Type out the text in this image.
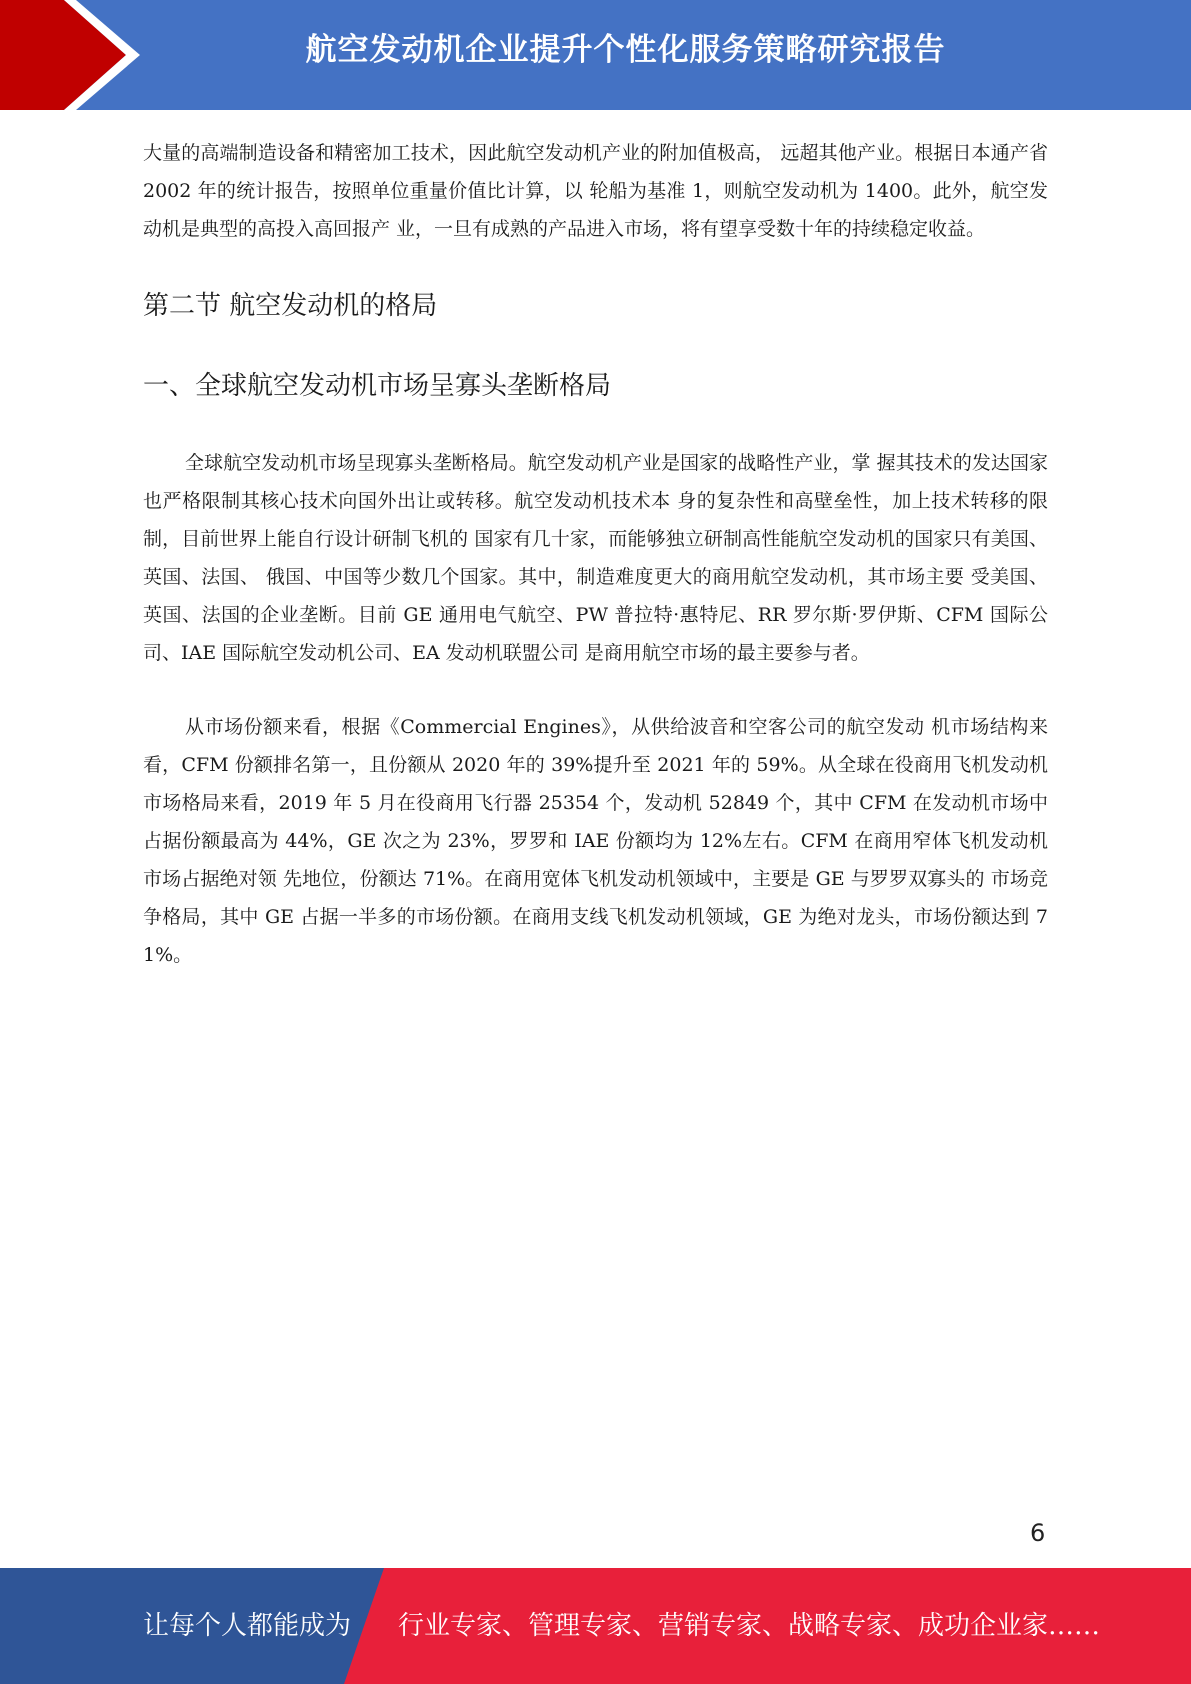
航空发动机企业提升个性化服务策略研究报告

大量的高端制造设备和精密加工技术，因此航空发动机产业的附加值极高， 远超其他产业。根据日本通产省 2002 年的统计报告，按照单位重量价值比计算，以 轮船为基准 1，则航空发动机为 1400。此外，航空发动机是典型的高投入高回报产 业，一旦有成熟的产品进入市场，将有望享受数十年的持续稳定收益。

第二节 航空发动机的格局
一、全球航空发动机市场呈寡头垄断格局

全球航空发动机市场呈现寡头垄断格局。航空发动机产业是国家的战略性产业，掌 握其技术的发达国家也严格限制其核心技术向国外出让或转移。航空发动机技术本 身的复杂性和高壁垒性，加上技术转移的限制，目前世界上能自行设计研制飞机的 国家有几十家，而能够独立研制高性能航空发动机的国家只有美国、英国、法国、 俄国、中国等少数几个国家。其中，制造难度更大的商用航空发动机，其市场主要 受美国、英国、法国的企业垄断。目前 GE 通用电气航空、PW 普拉特·惠特尼、RR 罗尔斯·罗伊斯、CFM 国际公司、IAE 国际航空发动机公司、EA 发动机联盟公司 是商用航空市场的最主要参与者。

从市场份额来看，根据《Commercial Engines》，从供给波音和空客公司的航空发动 机市场结构来看，CFM 份额排名第一，且份额从 2020 年的 39%提升至 2021 年的 59%。从全球在役商用飞机发动机市场格局来看，2019 年 5 月在役商用飞行器 25354 个，发动机 52849 个，其中 CFM 在发动机市场中占据份额最高为 44%，GE 次之为 23%，罗罗和 IAE 份额均为 12%左右。CFM 在商用窄体飞机发动机市场占据绝对领 先地位，份额达 71%。在商用宽体飞机发动机领域中，主要是 GE 与罗罗双寡头的 市场竞争格局，其中 GE 占据一半多的市场份额。在商用支线飞机发动机领域，GE 为绝对龙头，市场份额达到 71%。

6
让每个人都能成为 行业专家、管理专家、营销专家、战略专家、成功企业家……
